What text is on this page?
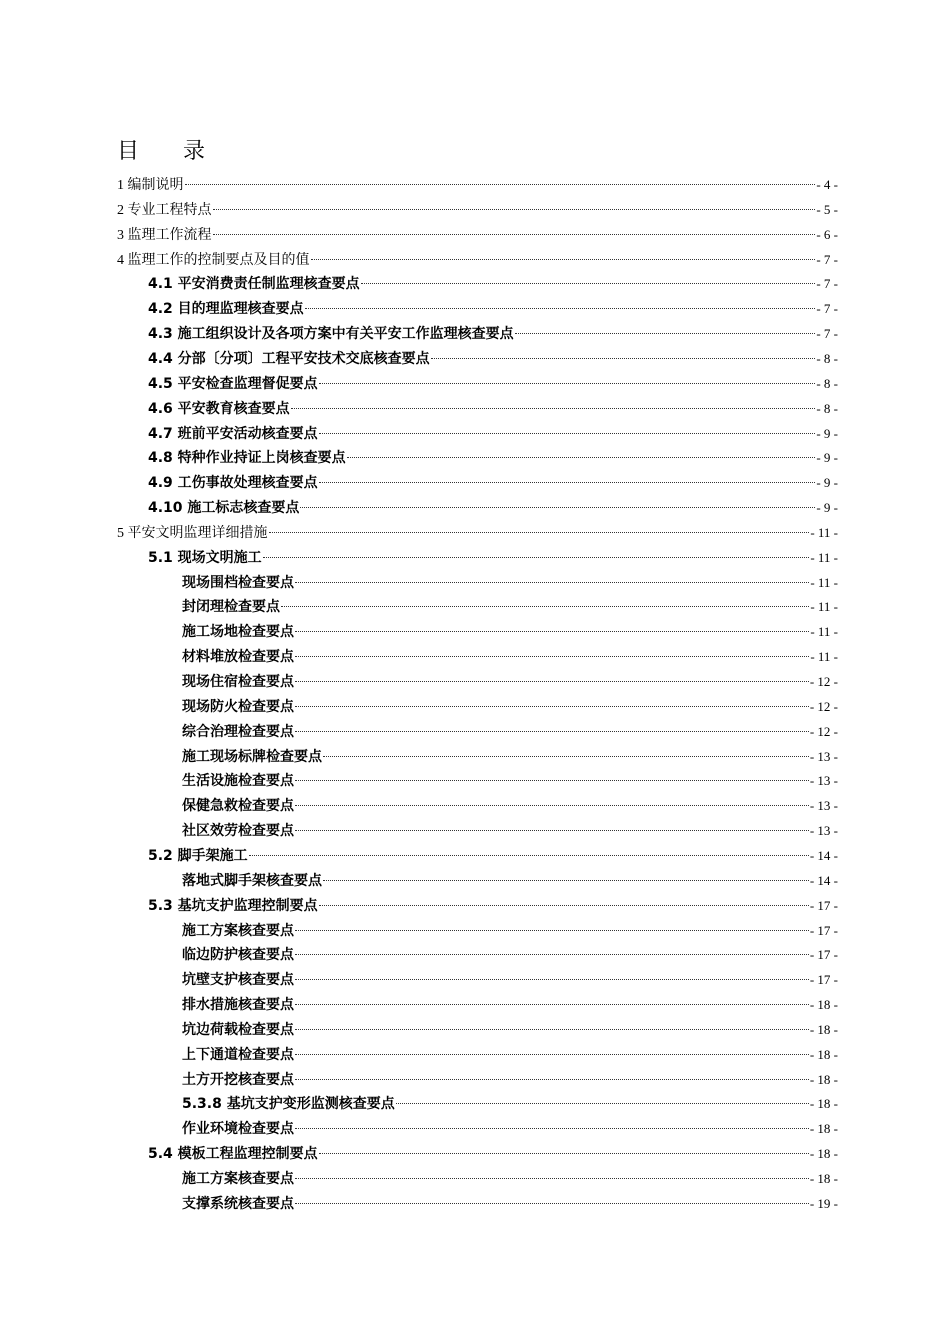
目　　录
1 编制说明	- 4 -
2 专业工程特点	- 5 -
3 监理工作流程	- 6 -
4 监理工作的控制要点及目的值	- 7 -
4.1 平安消费责任制监理核查要点	- 7 -
4.2 目的理监理核查要点	- 7 -
4.3 施工组织设计及各项方案中有关平安工作监理核查要点	- 7 -
4.4 分部〔分项〕工程平安技术交底核查要点	- 8 -
4.5 平安检查监理督促要点	- 8 -
4.6 平安教育核查要点	- 8 -
4.7 班前平安活动核查要点	- 9 -
4.8 特种作业持证上岗核查要点	- 9 -
4.9 工伤事故处理核查要点	- 9 -
4.10 施工标志核查要点	- 9 -
5 平安文明监理详细措施	- 11 -
5.1 现场文明施工	- 11 -
现场围档检查要点	- 11 -
封闭理检查要点	- 11 -
施工场地检查要点	- 11 -
材料堆放检查要点	- 11 -
现场住宿检查要点	- 12 -
现场防火检查要点	- 12 -
综合治理检查要点	- 12 -
施工现场标牌检查要点	- 13 -
生活设施检查要点	- 13 -
保健急救检查要点	- 13 -
社区效劳检查要点	- 13 -
5.2 脚手架施工	- 14 -
落地式脚手架核查要点	- 14 -
5.3 基坑支护监理控制要点	- 17 -
施工方案核查要点	- 17 -
临边防护核查要点	- 17 -
坑壁支护核查要点	- 17 -
排水措施核查要点	- 18 -
坑边荷载检查要点	- 18 -
上下通道检查要点	- 18 -
土方开挖核查要点	- 18 -
5.3.8 基坑支护变形监测核查要点	- 18 -
作业环境检查要点	- 18 -
5.4 模板工程监理控制要点	- 18 -
施工方案核查要点	- 18 -
支撑系统核查要点	- 19 -
